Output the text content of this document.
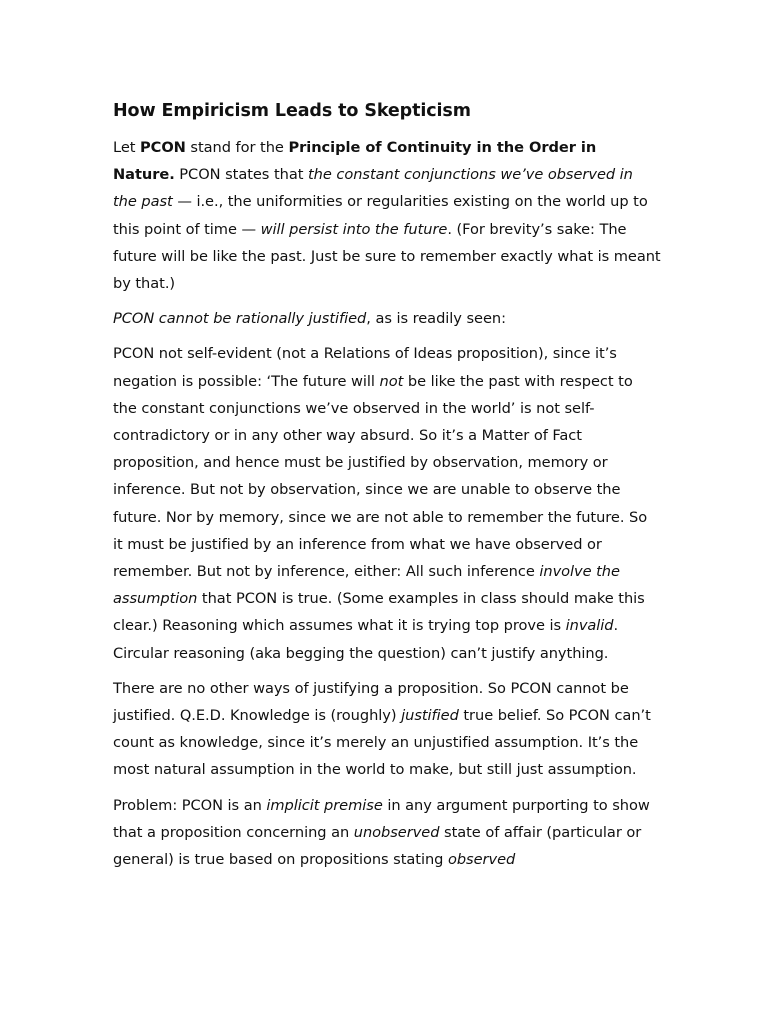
How Empiricism Leads to Skepticism

Let PCON stand for the Principle of Continuity in the Order in Nature. PCON states that the constant conjunctions we’ve observed in the past — i.e., the uniformities or regularities existing on the world up to this point of time — will persist into the future. (For brevity’s sake: The future will be like the past. Just be sure to remember exactly what is meant by that.)

PCON cannot be rationally justified, as is readily seen:

PCON not self-evident (not a Relations of Ideas proposition), since it’s negation is possible: ‘The future will not be like the past with respect to the constant conjunctions we’ve observed in the world’ is not self-contradictory or in any other way absurd. So it’s a Matter of Fact proposition, and hence must be justified by observation, memory or inference. But not by observation, since we are unable to observe the future. Nor by memory, since we are not able to remember the future. So it must be justified by an inference from what we have observed or remember. But not by inference, either: All such inference involve the assumption that PCON is true. (Some examples in class should make this clear.) Reasoning which assumes what it is trying top prove is invalid. Circular reasoning (aka begging the question) can’t justify anything.

There are no other ways of justifying a proposition. So PCON cannot be justified. Q.E.D. Knowledge is (roughly) justified true belief. So PCON can’t count as knowledge, since it’s merely an unjustified assumption. It’s the most natural assumption in the world to make, but still just assumption.

Problem: PCON is an implicit premise in any argument purporting to show that a proposition concerning an unobserved state of affair (particular or general) is true based on propositions stating observed
